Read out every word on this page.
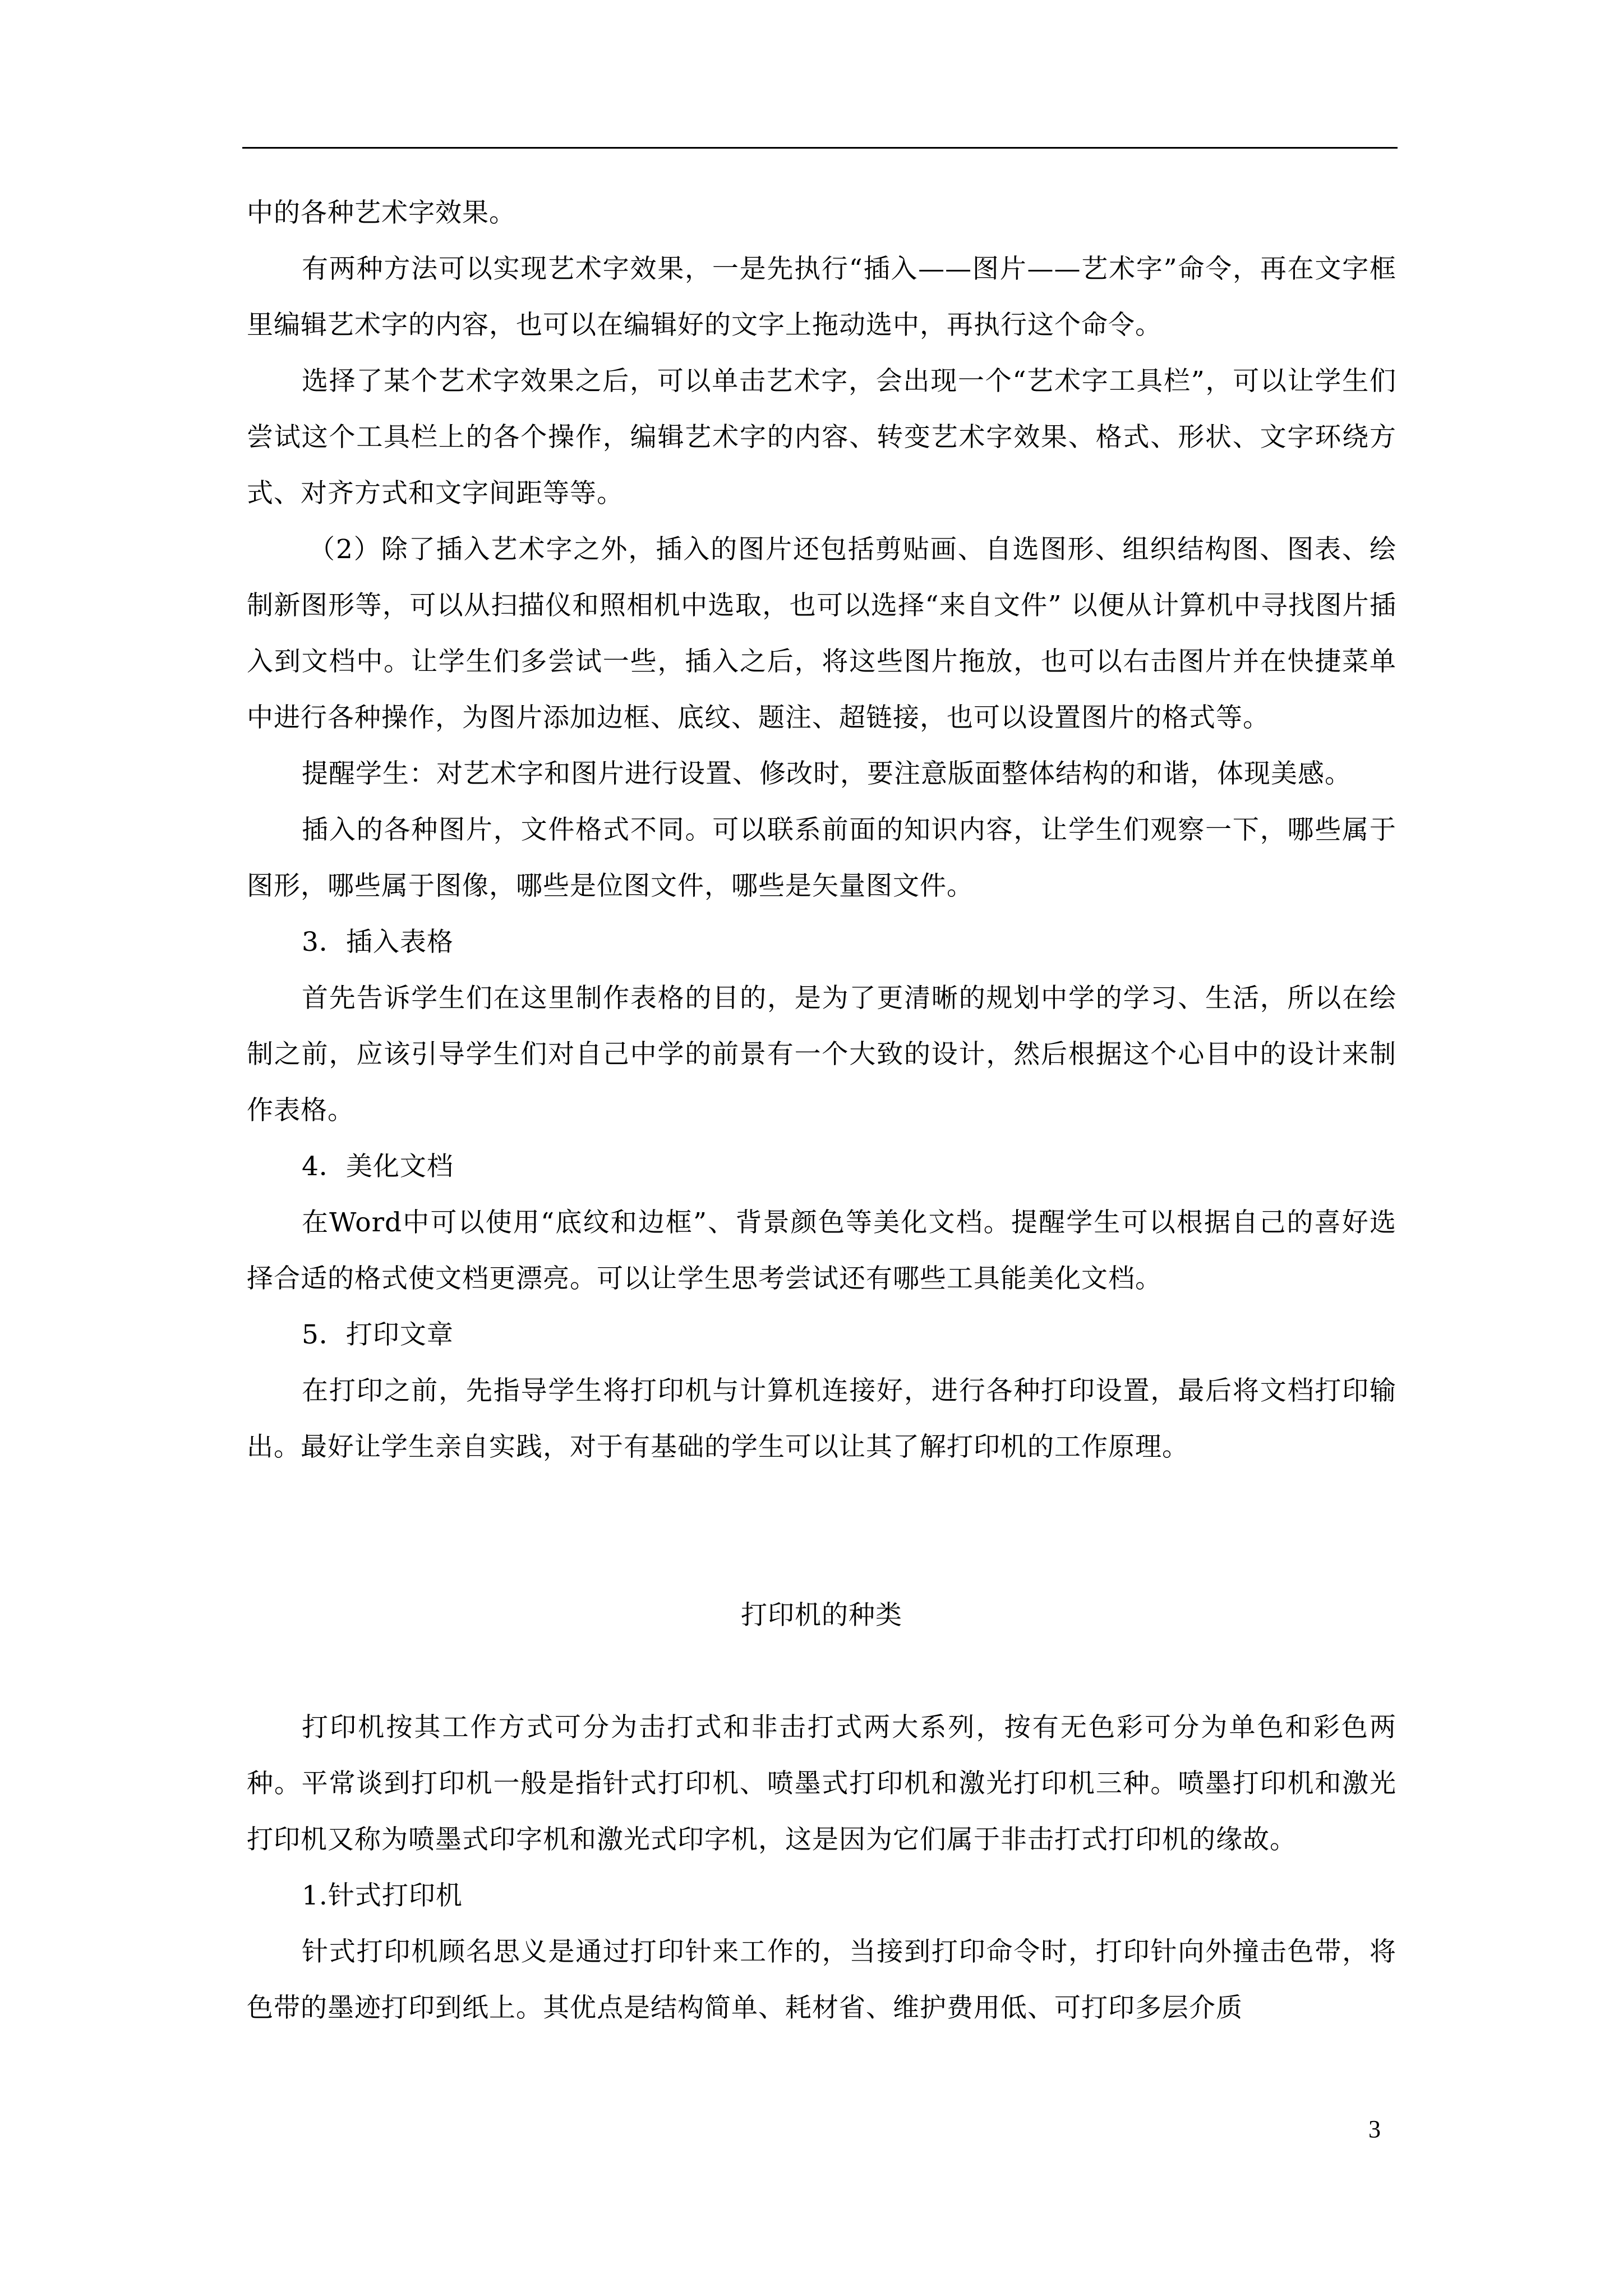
中的各种艺术字效果。

有两种方法可以实现艺术字效果，一是先执行“插入——图片——艺术字”命令，再在文字框里编辑艺术字的内容，也可以在编辑好的文字上拖动选中，再执行这个命令。

选择了某个艺术字效果之后，可以单击艺术字，会出现一个“艺术字工具栏”，可以让学生们尝试这个工具栏上的各个操作，编辑艺术字的内容、转变艺术字效果、格式、形状、文字环绕方式、对齐方式和文字间距等等。

（2）除了插入艺术字之外，插入的图片还包括剪贴画、自选图形、组织结构图、图表、绘制新图形等，可以从扫描仪和照相机中选取，也可以选择“来自文件” 以便从计算机中寻找图片插入到文档中。让学生们多尝试一些，插入之后，将这些图片拖放，也可以右击图片并在快捷菜单中进行各种操作，为图片添加边框、底纹、题注、超链接，也可以设置图片的格式等。

提醒学生：对艺术字和图片进行设置、修改时，要注意版面整体结构的和谐，体现美感。

插入的各种图片，文件格式不同。可以联系前面的知识内容，让学生们观察一下，哪些属于图形，哪些属于图像，哪些是位图文件，哪些是矢量图文件。

3．插入表格

首先告诉学生们在这里制作表格的目的，是为了更清晰的规划中学的学习、生活，所以在绘制之前，应该引导学生们对自己中学的前景有一个大致的设计，然后根据这个心目中的设计来制作表格。

4．美化文档

在Word中可以使用“底纹和边框”、背景颜色等美化文档。提醒学生可以根据自己的喜好选择合适的格式使文档更漂亮。可以让学生思考尝试还有哪些工具能美化文档。

5．打印文章

在打印之前，先指导学生将打印机与计算机连接好，进行各种打印设置，最后将文档打印输出。最好让学生亲自实践，对于有基础的学生可以让其了解打印机的工作原理。

打印机的种类

打印机按其工作方式可分为击打式和非击打式两大系列，按有无色彩可分为单色和彩色两种。平常谈到打印机一般是指针式打印机、喷墨式打印机和激光打印机三种。喷墨打印机和激光打印机又称为喷墨式印字机和激光式印字机，这是因为它们属于非击打式打印机的缘故。

1.针式打印机

针式打印机顾名思义是通过打印针来工作的，当接到打印命令时，打印针向外撞击色带，将色带的墨迹打印到纸上。其优点是结构简单、耗材省、维护费用低、可打印多层介质

3
